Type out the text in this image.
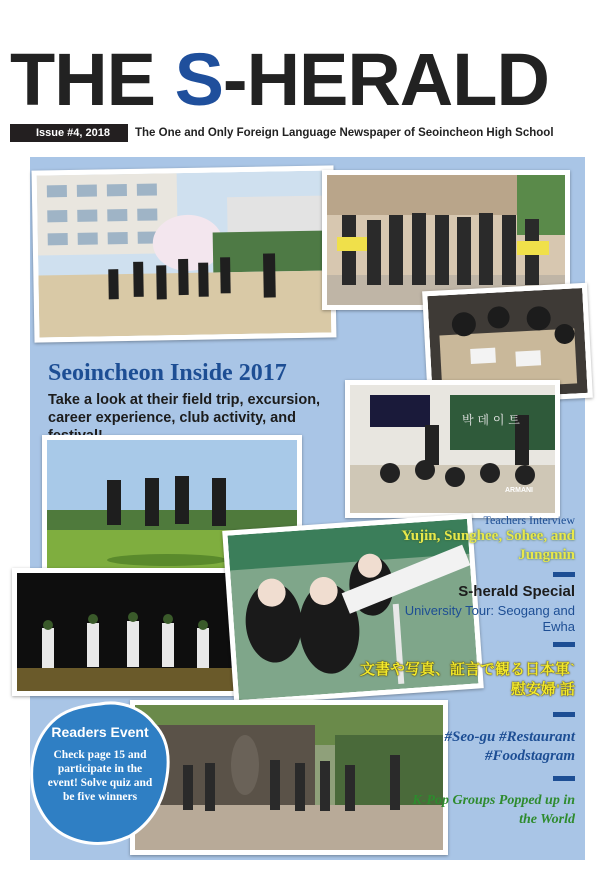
THE S-HERALD
Issue #4, 2018	The One and Only Foreign Language Newspaper of Seoincheon High School
박 데 이 트
ARMANI
Seoincheon Inside 2017
Take a look at their field trip, excursion, career experience, club activity, and
Teachers Interview
Yujin, Sunghee, Sohee, and Jungmin
S-herald Special
University Tour: Seogang and Ewha
文書や写真、証言で観る日本軍`慰安婦'話
#Seo-gu #Restaurant #Foodstagram
K-Pop Groups Popped up in the World
Readers Event
Check page 15 and participate in the event! Solve quiz and be five winners
